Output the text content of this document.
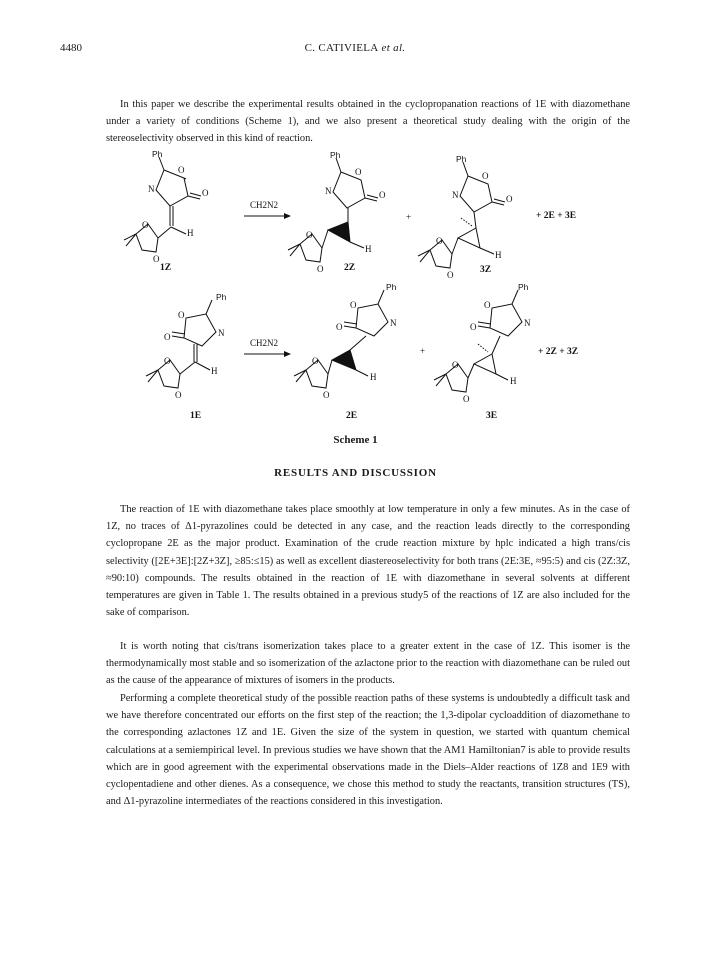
4480	C. CATIVIELA et al.

In this paper we describe the experimental results obtained in the cyclopropanation reactions of 1E with diazomethane under a variety of conditions (Scheme 1), and we also present a theoretical study dealing with the origin of the stereoselectivity observed in this kind of reaction.

Ph
O
N	O
H
O
O
1Z
CH2N2
Ph
O
N	O
H
O
O 2Z
+
Ph
O
N	O
H
O
O	3Z
+ 2E + 3E
Ph
O
N
O
H
O
O
1E
CH2N2
Ph
O
N
O
H
O
O
2E
+
Ph
O
N
O
H
O
O
3E
+ 2Z + 3Z
Scheme 1
RESULTS AND DISCUSSION

The reaction of 1E with diazomethane takes place smoothly at low temperature in only a few minutes. As in the case of 1Z, no traces of Δ1-pyrazolines could be detected in any case, and the reaction leads directly to the corresponding cyclopropane 2E as the major product. Examination of the crude reaction mixture by hplc indicated a high trans/cis selectivity ([2E+3E]:[2Z+3Z], ≥85:≤15) as well as excellent diastereoselectivity for both trans (2E:3E, ≈95:5) and cis (2Z:3Z, ≈90:10) compounds. The results obtained in the reaction of 1E with diazomethane in several solvents at different temperatures are given in Table 1. The results obtained in a previous study5 of the reactions of 1Z are also included for the sake of comparison.

It is worth noting that cis/trans isomerization takes place to a greater extent in the case of 1Z. This isomer is the thermodynamically most stable and so isomerization of the azlactone prior to the reaction with diazomethane can be ruled out as the cause of the appearance of mixtures of isomers in the products.

Performing a complete theoretical study of the possible reaction paths of these systems is undoubtedly a difficult task and we have therefore concentrated our efforts on the first step of the reaction; the 1,3-dipolar cycloaddition of diazomethane to the corresponding azlactones 1Z and 1E. Given the size of the system in question, we started with quantum chemical calculations at a semiempirical level. In previous studies we have shown that the AM1 Hamiltonian7 is able to provide results which are in good agreement with the experimental observations made in the Diels–Alder reactions of 1Z8 and 1E9 with cyclopentadiene and other dienes. As a consequence, we chose this method to study the reactants, transition structures (TS), and Δ1-pyrazoline intermediates of the reactions considered in this investigation.
